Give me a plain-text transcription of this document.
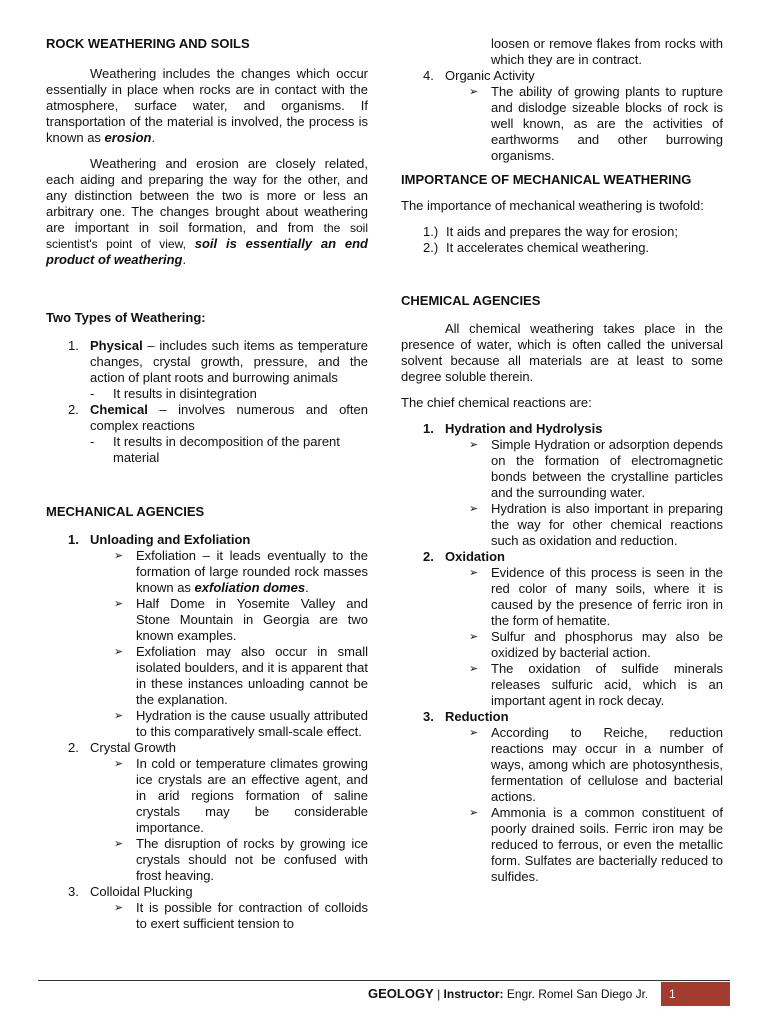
ROCK WEATHERING AND SOILS

Weathering includes the changes which occur essentially in place when rocks are in contact with the atmosphere, surface water, and organisms. If transportation of the material is involved, the process is known as erosion.

Weathering and erosion are closely related, each aiding and preparing the way for the other, and any distinction between the two is more or less an arbitrary one. The changes brought about weathering are important in soil formation, and from the soil scientist's point of view, soil is essentially an end product of weathering.

Two Types of Weathering:

1. Physical – includes such items as temperature changes, crystal growth, pressure, and the action of plant roots and burrowing animals
- It results in disintegration
2. Chemical – involves numerous and often complex reactions
- It results in decomposition of the parent material

MECHANICAL AGENCIES

1. Unloading and Exfoliation
➢ Exfoliation – it leads eventually to the formation of large rounded rock masses known as exfoliation domes.
➢ Half Dome in Yosemite Valley and Stone Mountain in Georgia are two known examples.
➢ Exfoliation may also occur in small isolated boulders, and it is apparent that in these instances unloading cannot be the explanation.
➢ Hydration is the cause usually attributed to this comparatively small-scale effect.
2. Crystal Growth
➢ In cold or temperature climates growing ice crystals are an effective agent, and in arid regions formation of saline crystals may be considerable importance.
➢ The disruption of rocks by growing ice crystals should not be confused with frost heaving.
3. Colloidal Plucking
➢ It is possible for contraction of colloids to exert sufficient tension to
loosen or remove flakes from rocks with which they are in contract.
4. Organic Activity
➢ The ability of growing plants to rupture and dislodge sizeable blocks of rock is well known, as are the activities of earthworms and other burrowing organisms.

IMPORTANCE OF MECHANICAL WEATHERING

The importance of mechanical weathering is twofold:

1.) It aids and prepares the way for erosion;
2.) It accelerates chemical weathering.

CHEMICAL AGENCIES

All chemical weathering takes place in the presence of water, which is often called the universal solvent because all materials are at least to some degree soluble therein.

The chief chemical reactions are:

1. Hydration and Hydrolysis
➢ Simple Hydration or adsorption depends on the formation of electromagnetic bonds between the crystalline particles and the surrounding water.
➢ Hydration is also important in preparing the way for other chemical reactions such as oxidation and reduction.
2. Oxidation
➢ Evidence of this process is seen in the red color of many soils, where it is caused by the presence of ferric iron in the form of hematite.
➢ Sulfur and phosphorus may also be oxidized by bacterial action.
➢ The oxidation of sulfide minerals releases sulfuric acid, which is an important agent in rock decay.
3. Reduction
➢ According to Reiche, reduction reactions may occur in a number of ways, among which are photosynthesis, fermentation of cellulose and bacterial actions.
➢ Ammonia is a common constituent of poorly drained soils. Ferric iron may be reduced to ferrous, or even the metallic form. Sulfates are bacterially reduced to sulfides.
GEOLOGY | Instructor: Engr. Romel San Diego Jr.	1
